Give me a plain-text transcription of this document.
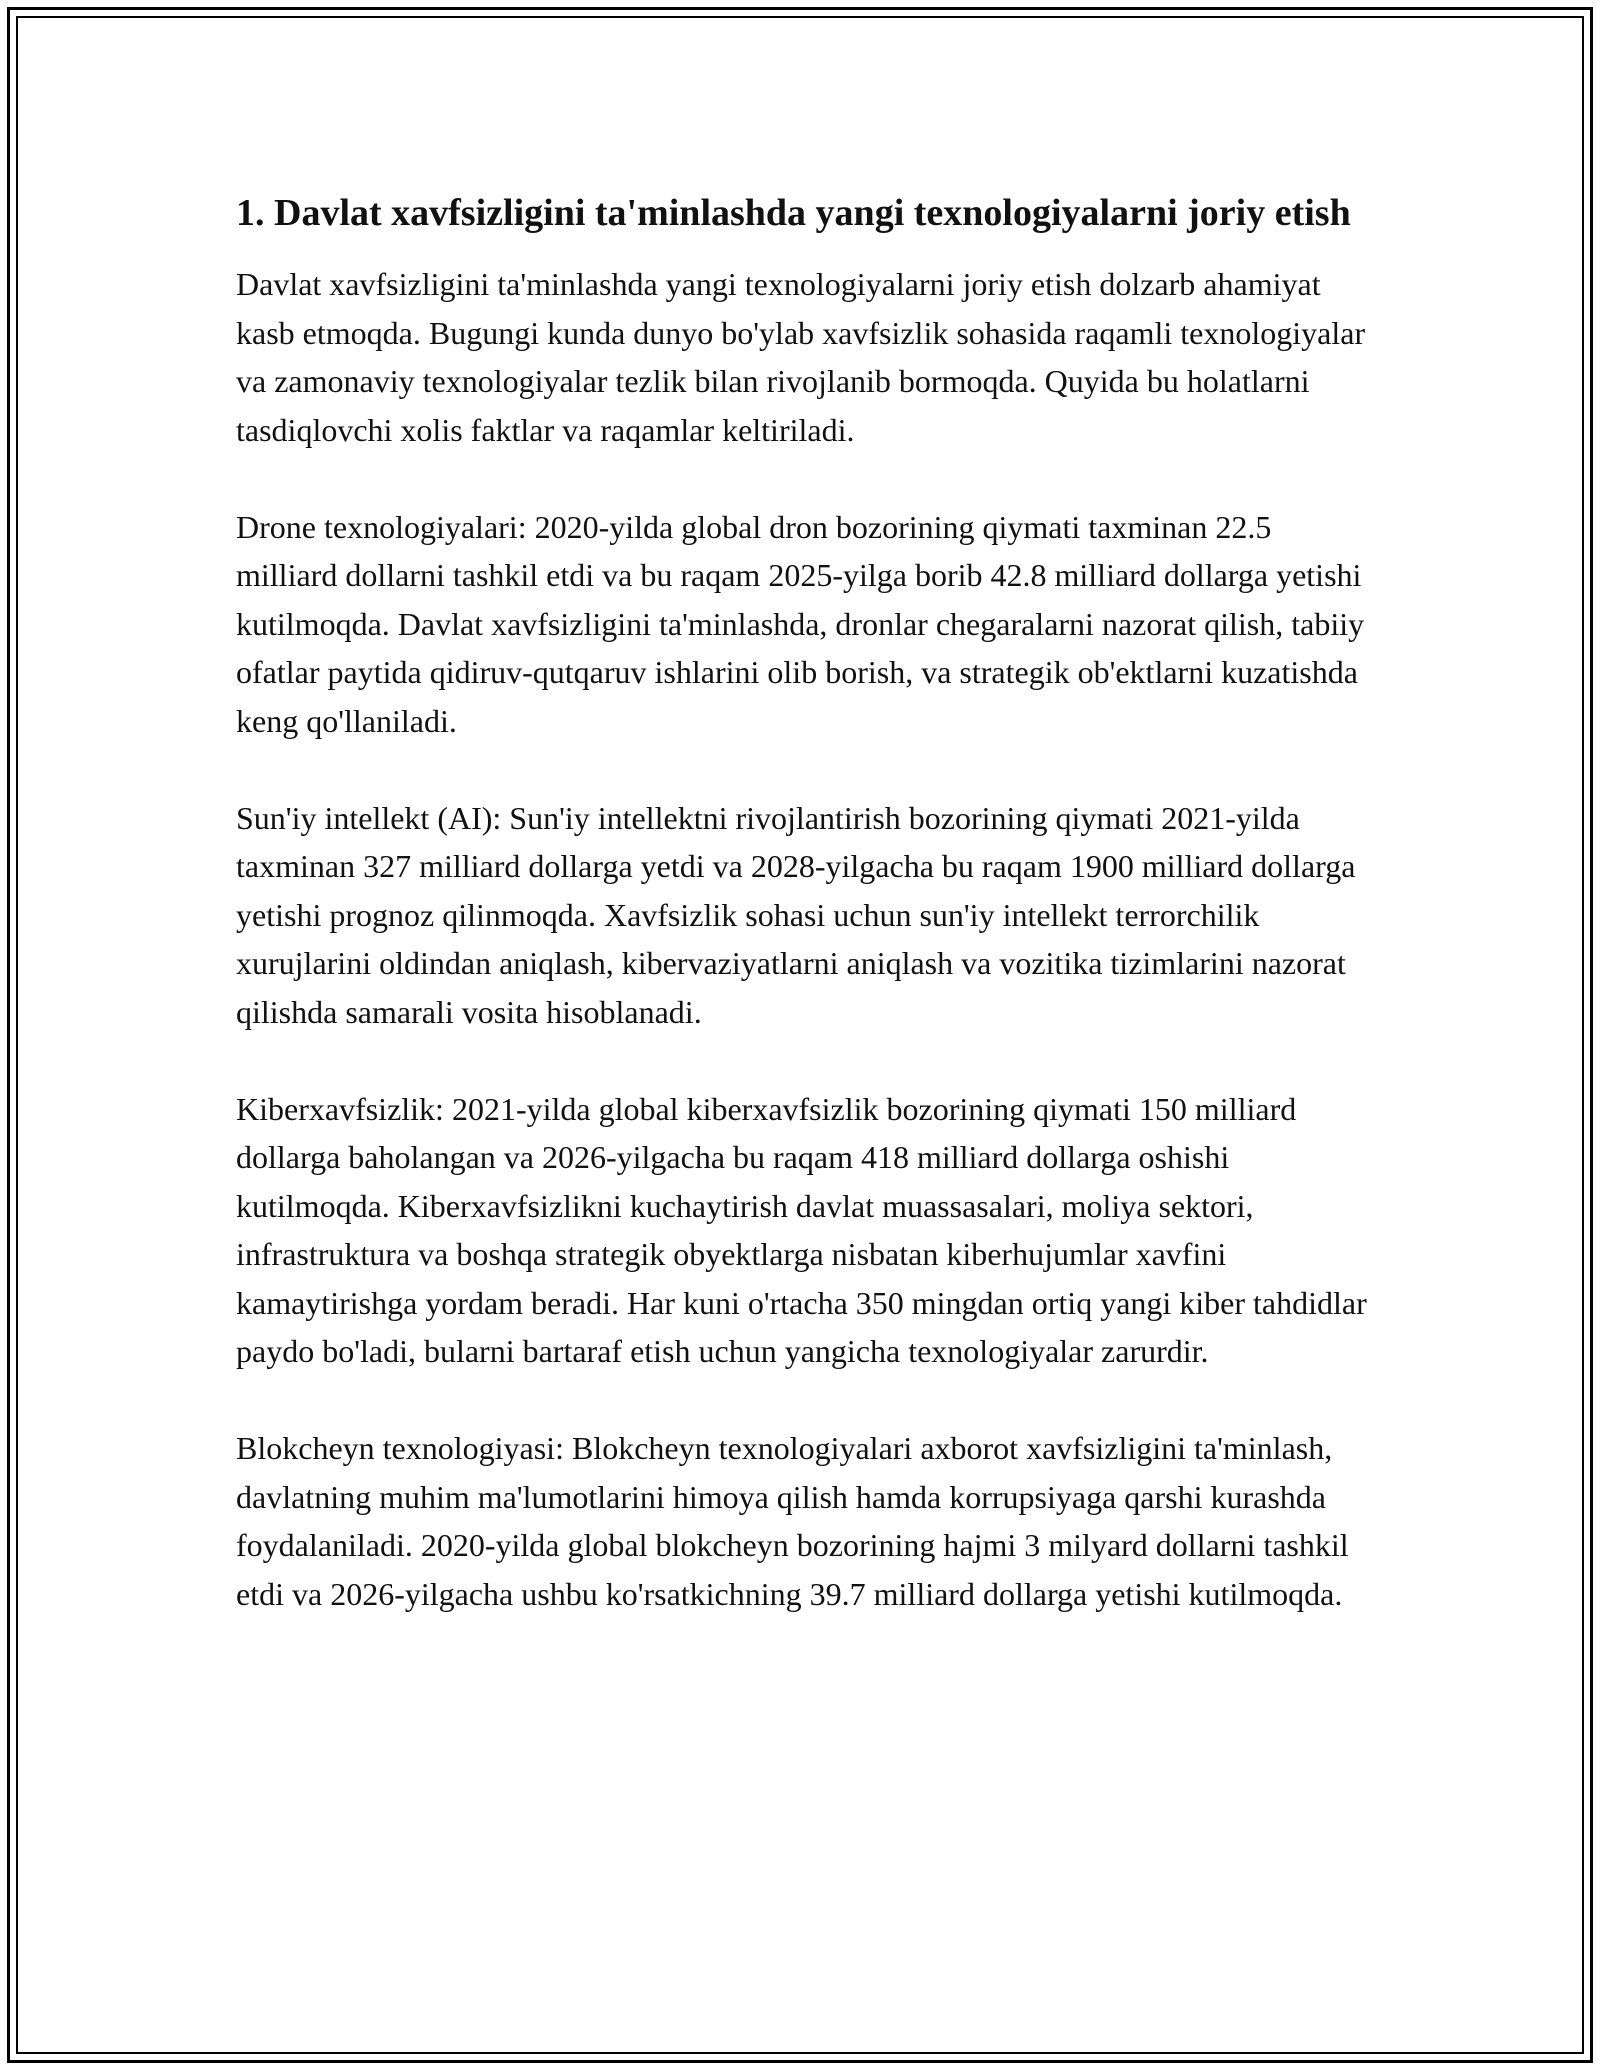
1. Davlat xavfsizligini ta'minlashda yangi texnologiyalarni joriy etish

Davlat xavfsizligini ta'minlashda yangi texnologiyalarni joriy etish dolzarb ahamiyat kasb etmoqda. Bugungi kunda dunyo bo'ylab xavfsizlik sohasida raqamli texnologiyalar va zamonaviy texnologiyalar tezlik bilan rivojlanib bormoqda. Quyida bu holatlarni tasdiqlovchi xolis faktlar va raqamlar keltiriladi.

Drone texnologiyalari: 2020-yilda global dron bozorining qiymati taxminan 22.5 milliard dollarni tashkil etdi va bu raqam 2025-yilga borib 42.8 milliard dollarga yetishi kutilmoqda. Davlat xavfsizligini ta'minlashda, dronlar chegaralarni nazorat qilish, tabiiy ofatlar paytida qidiruv-qutqaruv ishlarini olib borish, va strategik ob'ektlarni kuzatishda keng qo'llaniladi.

Sun'iy intellekt (AI): Sun'iy intellektni rivojlantirish bozorining qiymati 2021-yilda taxminan 327 milliard dollarga yetdi va 2028-yilgacha bu raqam 1900 milliard dollarga yetishi prognoz qilinmoqda. Xavfsizlik sohasi uchun sun'iy intellekt terrorchilik xurujlarini oldindan aniqlash, kibervaziyatlarni aniqlash va vozitika tizimlarini nazorat qilishda samarali vosita hisoblanadi.

Kiberxavfsizlik: 2021-yilda global kiberxavfsizlik bozorining qiymati 150 milliard dollarga baholangan va 2026-yilgacha bu raqam 418 milliard dollarga oshishi kutilmoqda. Kiberxavfsizlikni kuchaytirish davlat muassasalari, moliya sektori, infrastruktura va boshqa strategik obyektlarga nisbatan kiberhujumlar xavfini kamaytirishga yordam beradi. Har kuni o'rtacha 350 mingdan ortiq yangi kiber tahdidlar paydo bo'ladi, bularni bartaraf etish uchun yangicha texnologiyalar zarurdir.

Blokcheyn texnologiyasi: Blokcheyn texnologiyalari axborot xavfsizligini ta'minlash, davlatning muhim ma'lumotlarini himoya qilish hamda korrupsiyaga qarshi kurashda foydalaniladi. 2020-yilda global blokcheyn bozorining hajmi 3 milyard dollarni tashkil etdi va 2026-yilgacha ushbu ko'rsatkichning 39.7 milliard dollarga yetishi kutilmoqda.
